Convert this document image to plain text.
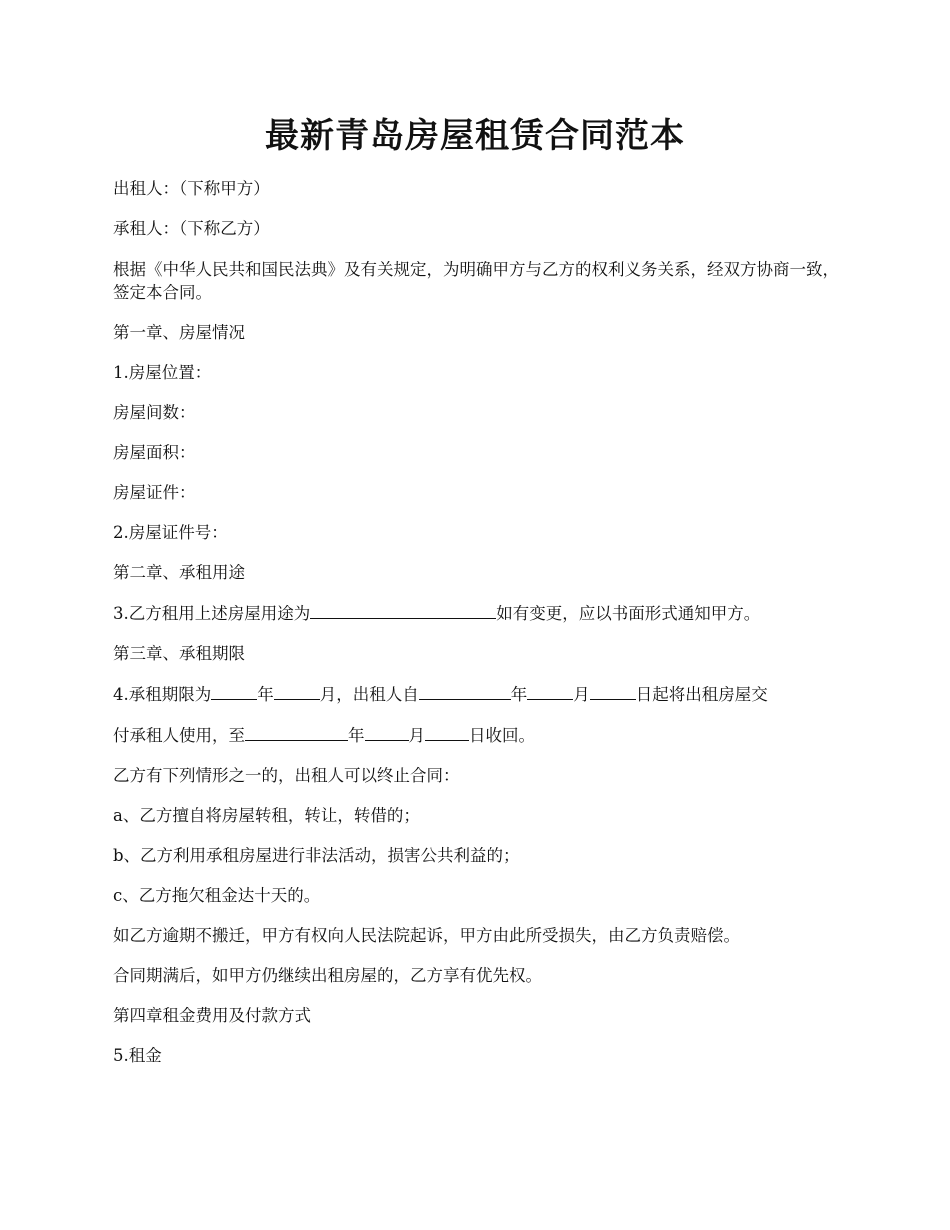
最新青岛房屋租赁合同范本

出租人：（下称甲方）

承租人：（下称乙方）

根据《中华人民共和国民法典》及有关规定，为明确甲方与乙方的权利义务关系，经双方协商一致，签定本合同。

第一章、房屋情况

1.房屋位置：

房屋间数：

房屋面积：

房屋证件：

2.房屋证件号：

第二章、承租用途

3.乙方租用上述房屋用途为	如有变更，应以书面形式通知甲方。

第三章、承租期限

4.承租期限为	年	月，出租人自	年	月	日起将出租房屋交

付承租人使用，至	年	月	日收回。

乙方有下列情形之一的，出租人可以终止合同：

a、乙方擅自将房屋转租，转让，转借的；

b、乙方利用承租房屋进行非法活动，损害公共利益的；

c、乙方拖欠租金达十天的。

如乙方逾期不搬迁，甲方有权向人民法院起诉，甲方由此所受损失，由乙方负责赔偿。

合同期满后，如甲方仍继续出租房屋的，乙方享有优先权。

第四章租金费用及付款方式

5.租金
